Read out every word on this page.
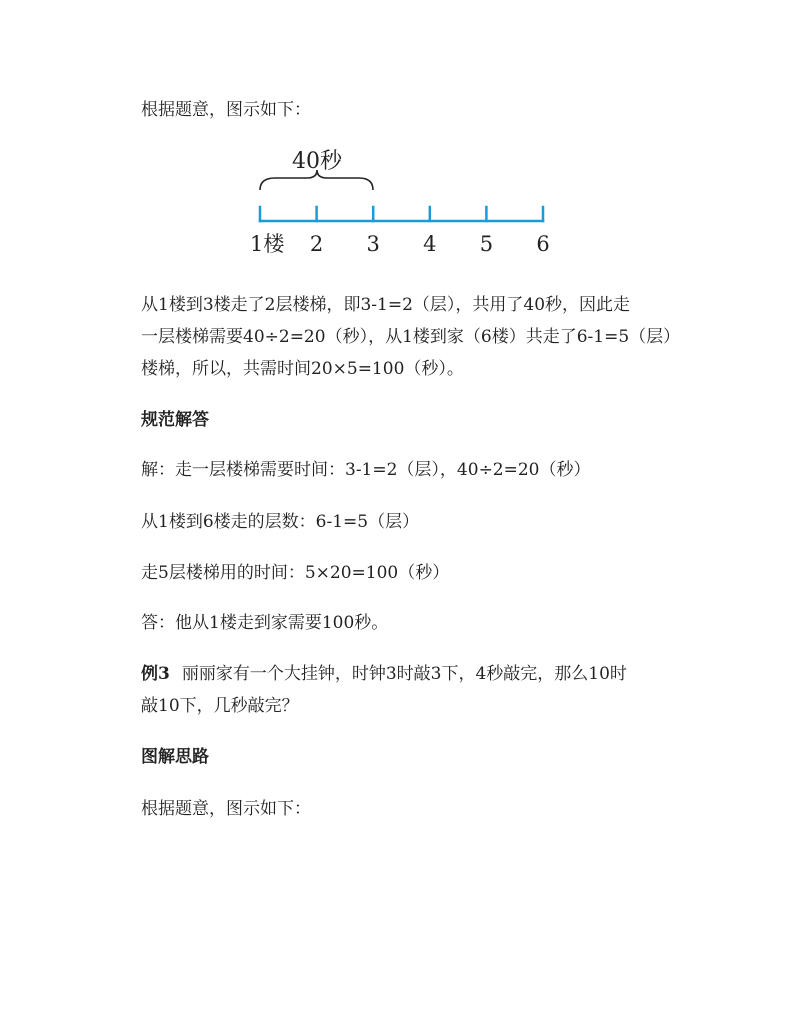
根据题意，图示如下：

40秒
1楼 2 3 4 5 6

从1楼到3楼走了2层楼梯，即3-1=2（层），共用了40秒，因此走

一层楼梯需要40÷2=20（秒），从1楼到家（6楼）共走了6-1=5（层）

楼梯，所以，共需时间20×5=100（秒）。

规范解答

解：走一层楼梯需要时间：3-1=2（层），40÷2=20（秒）

从1楼到6楼走的层数：6-1=5（层）

走5层楼梯用的时间：5×20=100（秒）

答：他从1楼走到家需要100秒。

例3 丽丽家有一个大挂钟，时钟3时敲3下，4秒敲完，那么10时

敲10下，几秒敲完？

图解思路

根据题意，图示如下：
